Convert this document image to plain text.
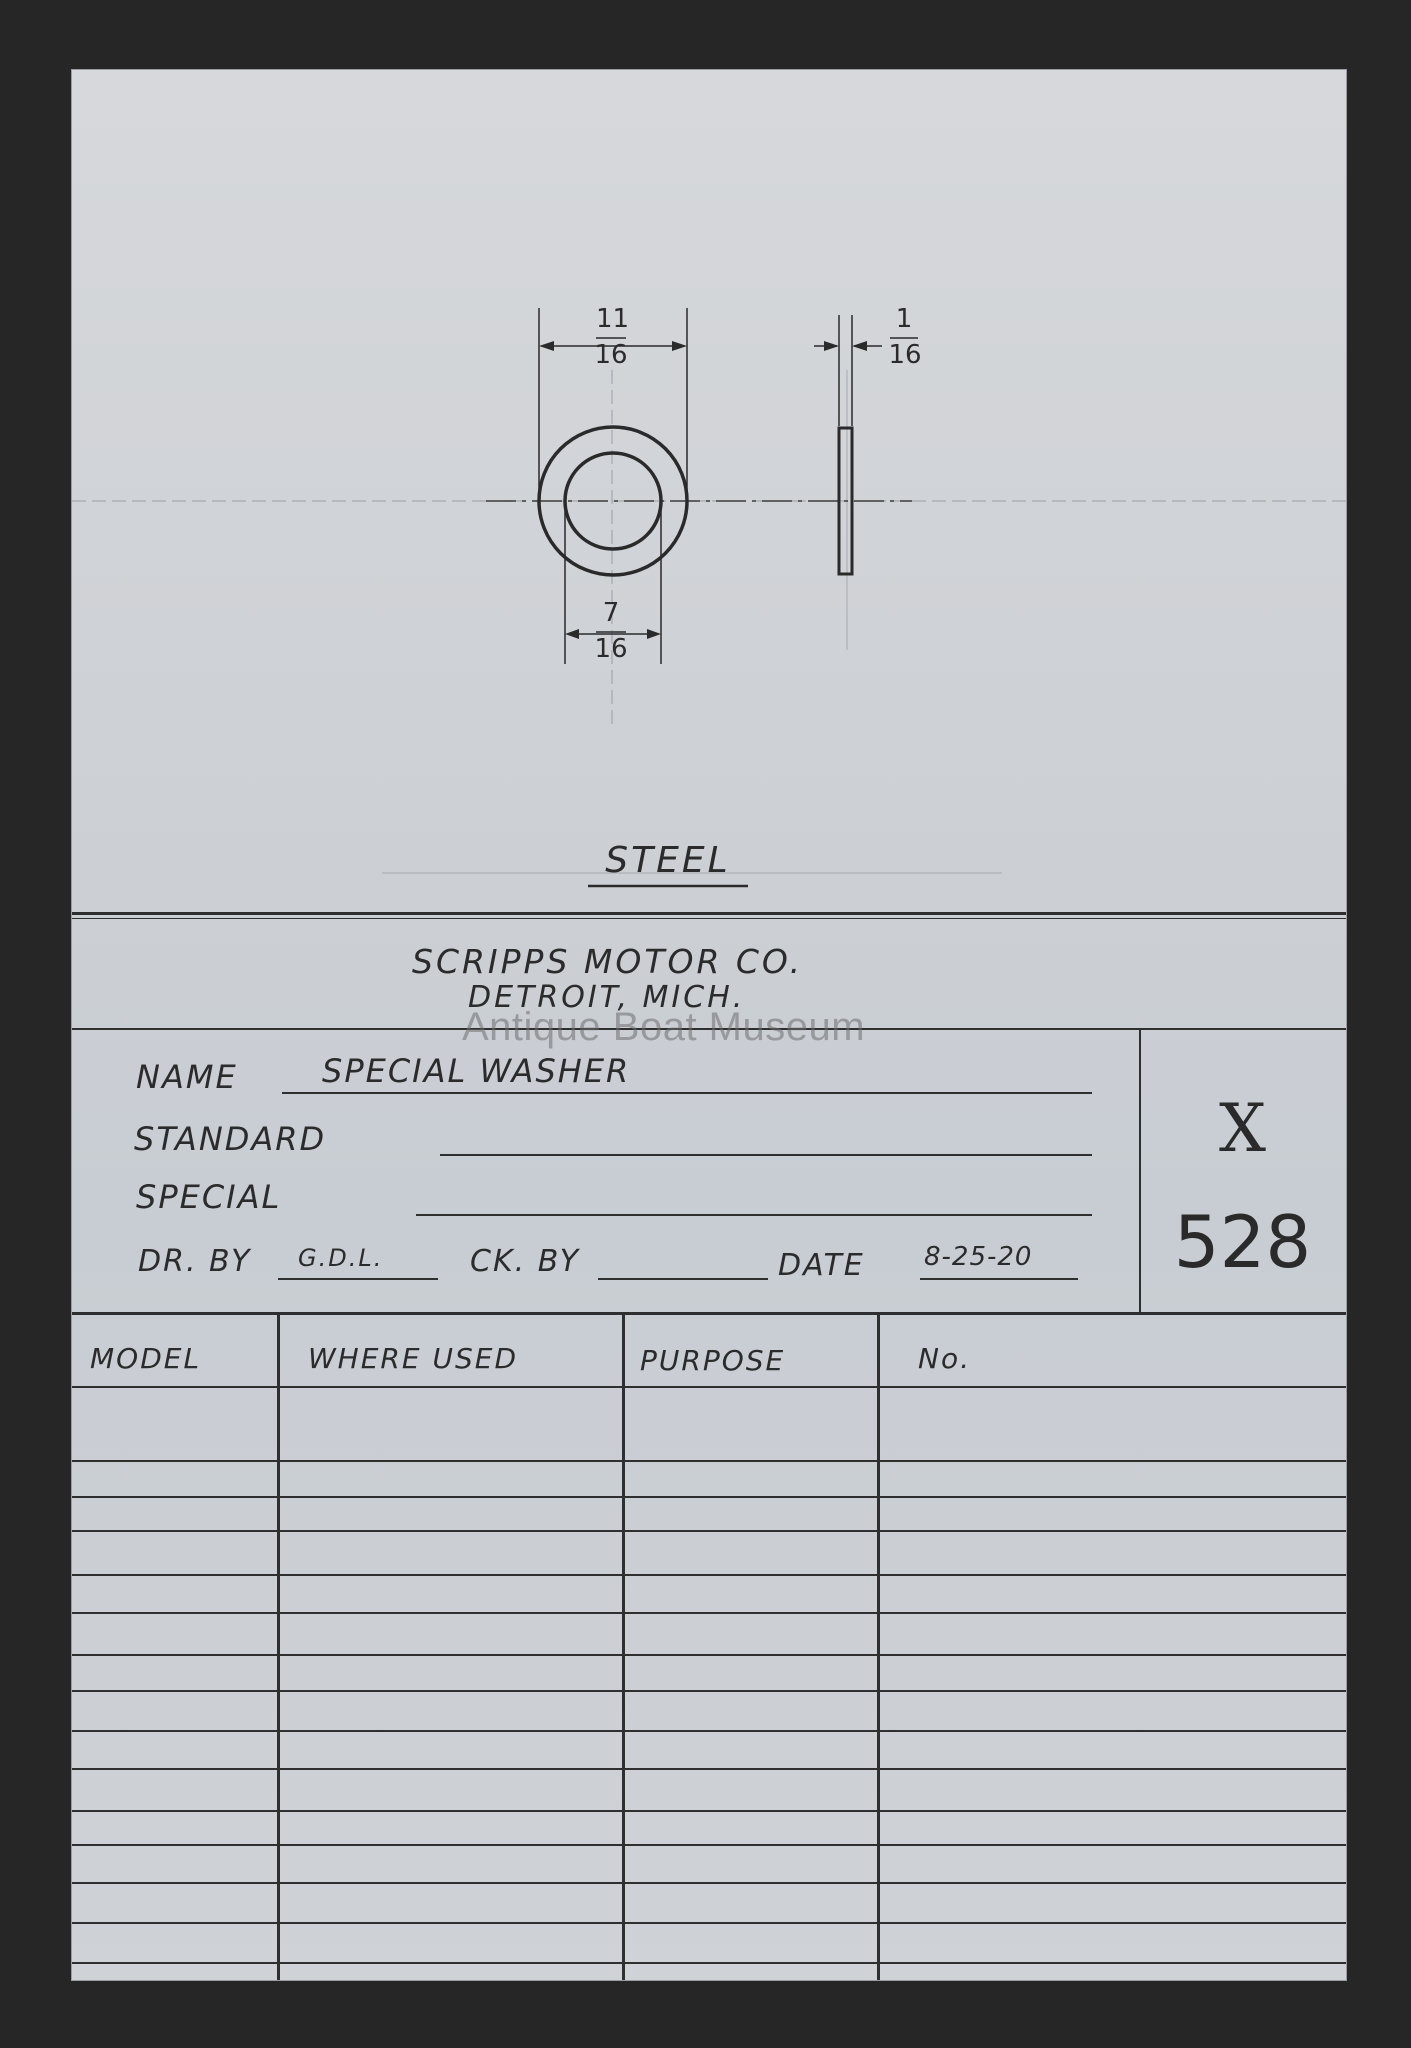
11
16
1
16
7
16
STEEL
SCRIPPS MOTOR CO.
DETROIT, MICH.
Antique Boat Museum
NAME	SPECIAL WASHER
STANDARD
SPECIAL
DR. BY G.D.L.	CK. BY	DATE 8-25-20
X
528
MODEL	WHERE USED	PURPOSE	No.
